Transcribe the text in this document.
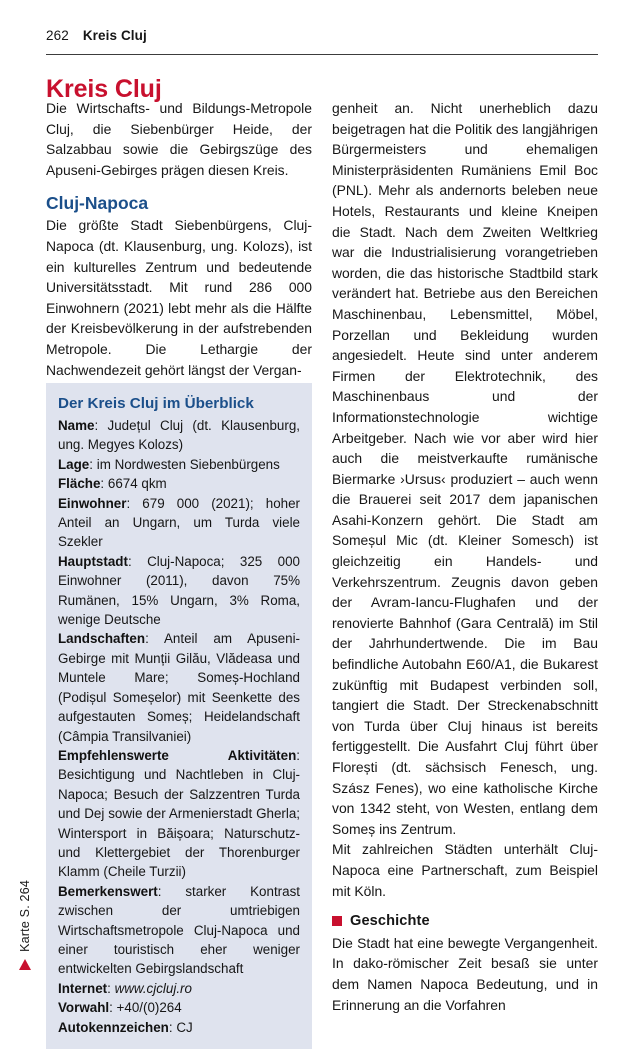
262 Kreis Cluj
Karte S. 264
Kreis Cluj

Die Wirtschafts- und Bildungs-Metropole Cluj, die Siebenbürger Heide, der Salzabbau sowie die Gebirgszüge des Apuseni-Gebirges prägen diesen Kreis.

Cluj-Napoca

Die größte Stadt Siebenbürgens, Cluj-Napoca (dt. Klausenburg, ung. Kolozs), ist ein kulturelles Zentrum und bedeutende Universitätsstadt. Mit rund 286 000 Einwohnern (2021) lebt mehr als die Hälfte der Kreisbevölkerung in der aufstrebenden Metropole. Die Lethargie der Nachwendezeit gehört längst der Vergan-

Der Kreis Cluj im Überblick

Name: Județul Cluj (dt. Klausenburg, ung. Megyes Kolozs)

Lage: im Nordwesten Siebenbürgens

Fläche: 6674 qkm

Einwohner: 679 000 (2021); hoher Anteil an Ungarn, um Turda viele Szekler

Hauptstadt: Cluj-Napoca; 325 000 Einwohner (2011), davon 75% Rumänen, 15% Ungarn, 3% Roma, wenige Deutsche

Landschaften: Anteil am Apuseni-Gebirge mit Munții Gilău, Vlădeasa und Muntele Mare; Someș-Hochland (Podișul Someșelor) mit Seenkette des aufgestauten Someș; Heidelandschaft (Câmpia Transilvaniei)

Empfehlenswerte Aktivitäten: Besichtigung und Nachtleben in Cluj-Napoca; Besuch der Salzzentren Turda und Dej sowie der Armenierstadt Gherla; Wintersport in Băișoara; Naturschutz- und Klettergebiet der Thorenburger Klamm (Cheile Turzii)

Bemerkenswert: starker Kontrast zwischen der umtriebigen Wirtschaftsmetropole Cluj-Napoca und einer touristisch eher weniger entwickelten Gebirgslandschaft

Internet: www.cjcluj.ro

Vorwahl: +40/(0)264

Autokennzeichen: CJ

genheit an. Nicht unerheblich dazu beigetragen hat die Politik des langjährigen Bürgermeisters und ehemaligen Ministerpräsidenten Rumäniens Emil Boc (PNL). Mehr als andernorts beleben neue Hotels, Restaurants und kleine Kneipen die Stadt. Nach dem Zweiten Weltkrieg war die Industrialisierung vorangetrieben worden, die das historische Stadtbild stark verändert hat. Betriebe aus den Bereichen Maschinenbau, Lebensmittel, Möbel, Porzellan und Bekleidung wurden angesiedelt. Heute sind unter anderem Firmen der Elektrotechnik, des Maschinenbaus und der Informationstechnologie wichtige Arbeitgeber. Nach wie vor aber wird hier auch die meistverkaufte rumänische Biermarke ›Ursus‹ produziert – auch wenn die Brauerei seit 2017 dem japanischen Asahi-Konzern gehört. Die Stadt am Someșul Mic (dt. Kleiner Somesch) ist gleichzeitig ein Handels- und Verkehrszentrum. Zeugnis davon geben der Avram-Iancu-Flughafen und der renovierte Bahnhof (Gara Centrală) im Stil der Jahrhundertwende. Die im Bau befindliche Autobahn E60/A1, die Bukarest zukünftig mit Budapest verbinden soll, tangiert die Stadt. Der Streckenabschnitt von Turda über Cluj hinaus ist bereits fertiggestellt. Die Ausfahrt Cluj führt über Florești (dt. sächsisch Fenesch, ung. Szász Fenes), wo eine katholische Kirche von 1342 steht, von Westen, entlang dem Someș ins Zentrum.

Mit zahlreichen Städten unterhält Cluj-Napoca eine Partnerschaft, zum Beispiel mit Köln.

Geschichte

Die Stadt hat eine bewegte Vergangenheit. In dako-römischer Zeit besaß sie unter dem Namen Napoca Bedeutung, und in Erinnerung an die Vorfahren
